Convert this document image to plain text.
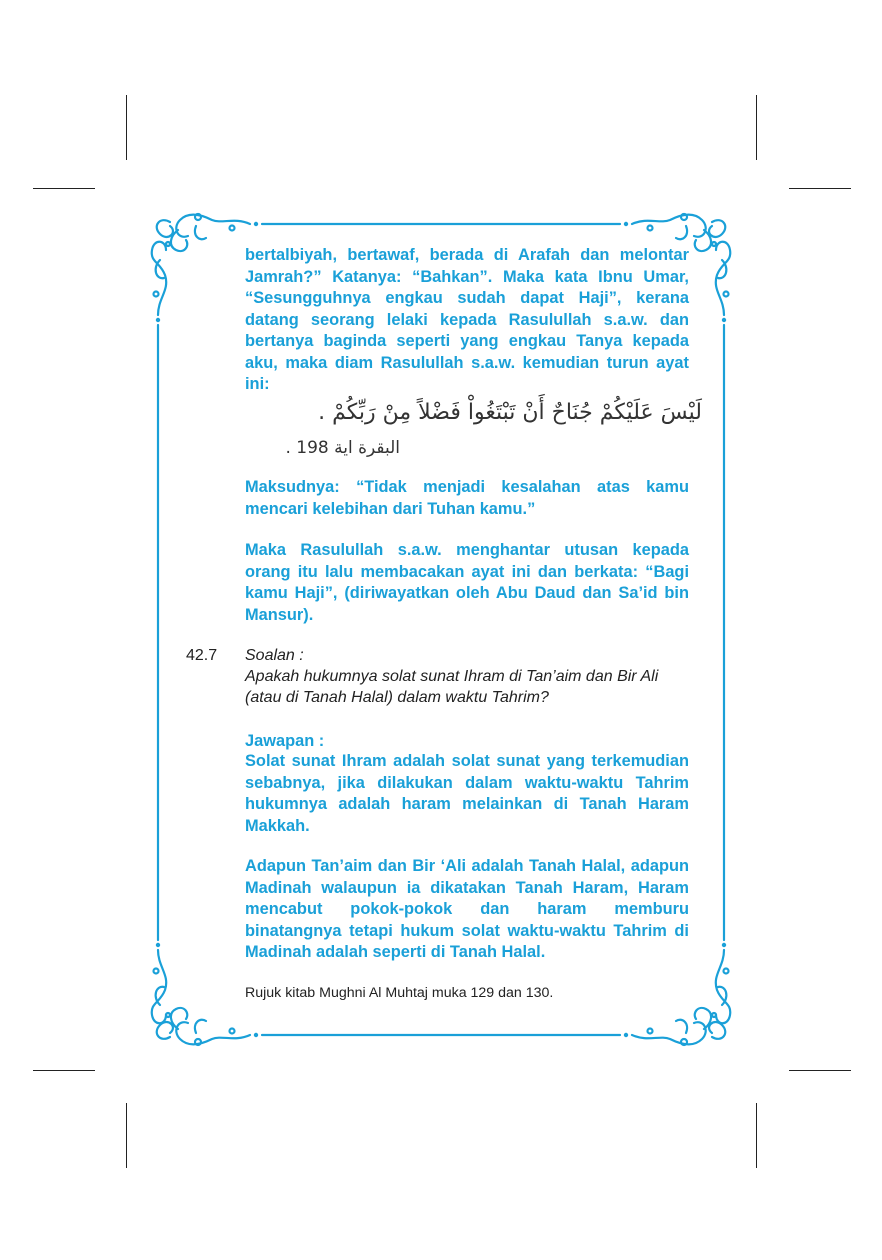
bertalbiyah, bertawaf, berada di Arafah dan melontar Jamrah?” Katanya: “Bahkan”. Maka kata Ibnu Umar, “Sesungguhnya engkau sudah dapat Haji”, kerana datang seorang lelaki kepada Rasulullah s.a.w. dan bertanya baginda seperti yang engkau Tanya kepada aku, maka diam Rasulullah s.a.w. kemudian turun ayat ini:

لَيْسَ عَلَيْكُمْ جُنَاحٌ أَنْ تَبْتَغُواْ فَضْلاً مِنْ رَبِّكُمْ .
البقرة اية 198 .

Maksudnya: “Tidak menjadi kesalahan atas kamu mencari kelebihan dari Tuhan kamu.”

Maka Rasulullah s.a.w. menghantar utusan kepada orang itu lalu membacakan ayat ini dan berkata: “Bagi kamu Haji”, (diriwayatkan oleh Abu Daud dan Sa’id bin Mansur).

42.7 Soalan :
Apakah hukumnya solat sunat Ihram di Tan’aim dan Bir Ali (atau di Tanah Halal) dalam waktu Tahrim?

Jawapan :

Solat sunat Ihram adalah solat sunat yang terkemudian sebabnya, jika dilakukan dalam waktu-waktu Tahrim hukumnya adalah haram melainkan di Tanah Haram Makkah.

Adapun Tan’aim dan Bir ‘Ali adalah Tanah Halal, adapun Madinah walaupun ia dikatakan Tanah Haram, Haram mencabut pokok-pokok dan haram memburu binatangnya tetapi hukum solat waktu-waktu Tahrim di Madinah adalah seperti di Tanah Halal.

Rujuk kitab Mughni Al Muhtaj muka 129 dan 130.
